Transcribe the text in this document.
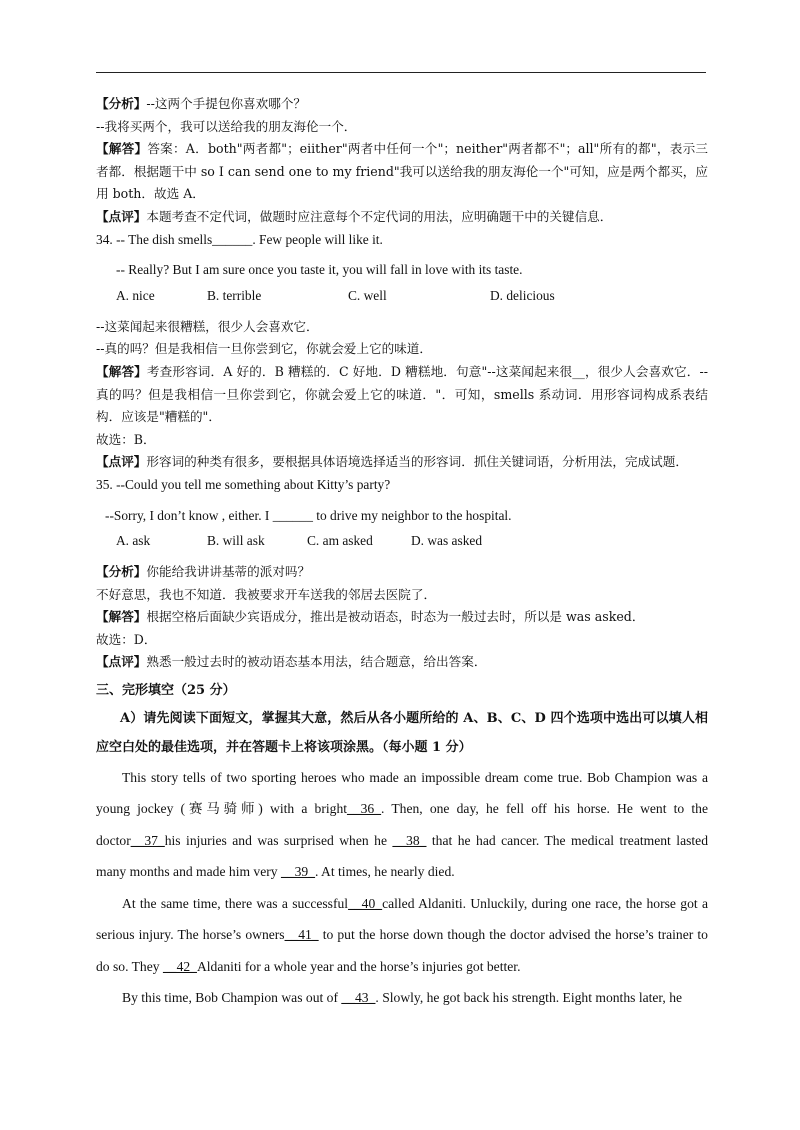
【分析】--这两个手提包你喜欢哪个？

--我将买两个，我可以送给我的朋友海伦一个．

【解答】答案：A．both"两者都"；eiither"两者中任何一个"；neither"两者都不"；all"所有的都"，表示三者都．根据题干中 so I can send one to my friend"我可以送给我的朋友海伦一个"可知，应是两个都买，应用 both．故选 A．

【点评】本题考查不定代词，做题时应注意每个不定代词的用法，应明确题干中的关键信息．

34. -- The dish smells______. Few people will like it.

-- Really? But I am sure once you taste it, you will fall in love with its taste.

A. nice	B. terrible	C. well	D. delicious

--这菜闻起来很糟糕，很少人会喜欢它．

--真的吗？但是我相信一旦你尝到它，你就会爱上它的味道．

【解答】考查形容词．A 好的．B 糟糕的．C 好地．D 糟糕地．句意"--这菜闻起来很__，很少人会喜欢它．--真的吗？但是我相信一旦你尝到它，你就会爱上它的味道．"．可知，smells 系动词．用形容词构成系表结构．应该是"糟糕的"．

故选：B．

【点评】形容词的种类有很多，要根据具体语境选择适当的形容词．抓住关键词语，分析用法，完成试题．

35. --Could you tell me something about Kitty’s party?

--Sorry, I don’t know , either. I ______ to drive my neighbor to the hospital.

A. ask	B. will ask	C. am asked	D. was asked

【分析】你能给我讲讲基蒂的派对吗？

不好意思，我也不知道．我被要求开车送我的邻居去医院了．

【解答】根据空格后面缺少宾语成分，推出是被动语态，时态为一般过去时，所以是 was asked．

故选：D．

【点评】熟悉一般过去时的被动语态基本用法，结合题意，给出答案．

三、完形填空（25 分）

A）请先阅读下面短文，掌握其大意，然后从各小题所给的 A、B、C、D 四个选项中选出可以填人相应空白处的最佳选项，并在答题卡上将该项涂黑。（每小题 1 分）

This story tells of two sporting heroes who made an impossible dream come true. Bob Champion was a young jockey (赛马骑师) with a bright__36_. Then, one day, he fell off his horse. He went to the doctor__37_his injuries and was surprised when he __38_ that he had cancer. The medical treatment lasted many months and made him very __39_. At times, he nearly died.

At the same time, there was a successful__40_called Aldaniti. Unluckily, during one race, the horse got a serious injury. The horse’s owners__41_ to put the horse down though the doctor advised the horse’s trainer to do so. They __42_Aldaniti for a whole year and the horse’s injuries got better.

By this time, Bob Champion was out of __43_. Slowly, he got back his strength. Eight months later, he
